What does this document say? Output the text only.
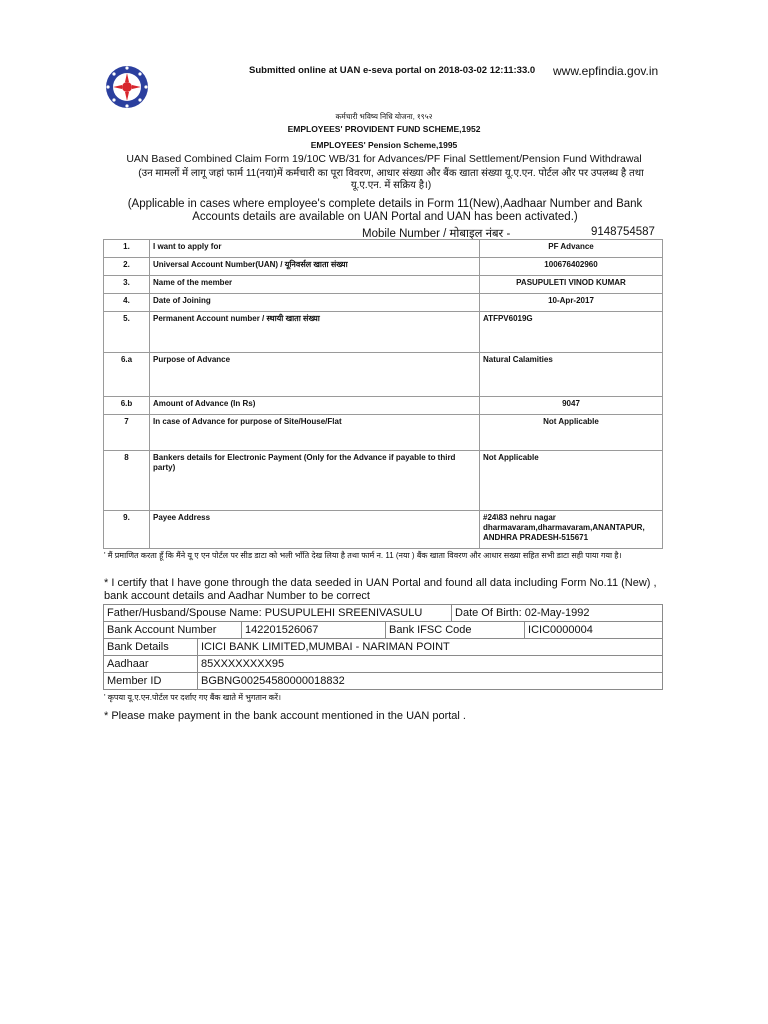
Submitted online at UAN e-seva portal on 2018-03-02 12:11:33.0 www.epfindia.gov.in
कर्मचारी भविष्य निधि योजना, १९५२
EMPLOYEES' PROVIDENT FUND SCHEME,1952
EMPLOYEES' Pension Scheme,1995
UAN Based Combined Claim Form 19/10C WB/31 for Advances/PF Final Settlement/Pension Fund Withdrawal
(उन मामलों में लागू जहां फार्म 11(नया)में कर्मचारी का पूरा विवरण, आधार संख्या और बैंक खाता संख्या यू.ए.एन. पोर्टल और पर उपलब्ध है तथा यू.ए.एन. में सक्रिय है।)
(Applicable in cases where employee's complete details in Form 11(New),Aadhaar Number and Bank Accounts details are available on UAN Portal and UAN has been activated.)
Mobile Number / मोबाइल नंबर -	9148754587
1.	I want to apply for	PF Advance
2.	Universal Account Number(UAN) / यूनिवर्सल खाता संख्या	100676402960
3.	Name of the member	PASUPULETI VINOD KUMAR
4.	Date of Joining	10-Apr-2017
5.	Permanent Account number / स्थायी खाता संख्या	ATFPV6019G
6.a	Purpose of Advance	Natural Calamities
6.b	Amount of Advance (In Rs)	9047
7	In case of Advance for purpose of Site/House/Flat	Not Applicable
8	Bankers details for Electronic Payment (Only for the Advance if payable to third party)	Not Applicable
9.	Payee Address	#24\83 nehru nagar dharmavaram,dharmavaram,ANANTAPUR, ANDHRA PRADESH-515671
' मैं प्रमाणित करता हूँ कि मैंने यू ए एन पोर्टल पर सीड डाटा को भली भाँति देख लिया है तथा फार्म न. 11 (नया ) बैंक खाता विवरण और आधार सख्या सहित सभी डाटा सही पाया गया है।
* I certify that I have gone through the data seeded in UAN Portal and found all data including Form No.11 (New) , bank account details and Aadhar Number to be correct
Father/Husband/Spouse Name: PUSUPULEHI SREENIVASULU				Date Of Birth: 02-May-1992	
Bank Account Number		142201526067	Bank IFSC Code		ICIC0000004
Bank Details	ICICI BANK LIMITED,MUMBAI - NARIMAN POINT				
Aadhaar	85XXXXXXXX95				
Member ID	BGBNG00254580000018832				
' कृपया यू.ए.एन.पोर्टल पर दर्शाए गए बैंक खाते में भुगतान करें।
* Please make payment in the bank account mentioned in the UAN portal .
